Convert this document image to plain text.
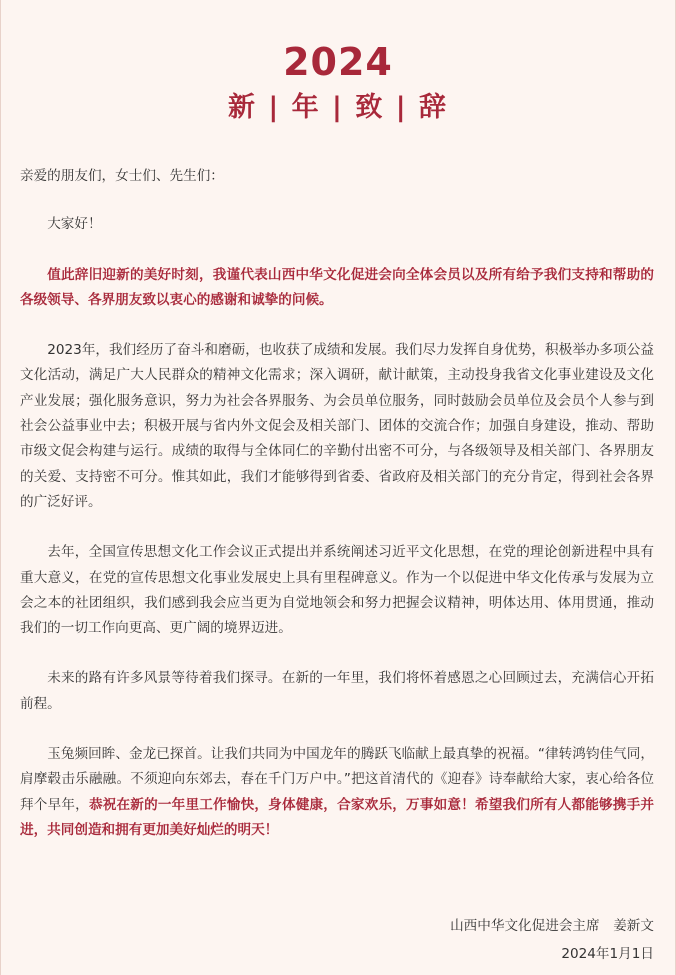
2024
新 | 年 | 致 | 辞

亲爱的朋友们，女士们、先生们：

大家好！

值此辞旧迎新的美好时刻，我谨代表山西中华文化促进会向全体会员以及所有给予我们支持和帮助的各级领导、各界朋友致以衷心的感谢和诚挚的问候。

2023年，我们经历了奋斗和磨砺，也收获了成绩和发展。我们尽力发挥自身优势，积极举办多项公益文化活动，满足广大人民群众的精神文化需求；深入调研，献计献策，主动投身我省文化事业建设及文化产业发展；强化服务意识，努力为社会各界服务、为会员单位服务，同时鼓励会员单位及会员个人参与到社会公益事业中去；积极开展与省内外文促会及相关部门、团体的交流合作；加强自身建设，推动、帮助市级文促会构建与运行。成绩的取得与全体同仁的辛勤付出密不可分，与各级领导及相关部门、各界朋友的关爱、支持密不可分。惟其如此，我们才能够得到省委、省政府及相关部门的充分肯定，得到社会各界的广泛好评。

去年，全国宣传思想文化工作会议正式提出并系统阐述习近平文化思想，在党的理论创新进程中具有重大意义，在党的宣传思想文化事业发展史上具有里程碑意义。作为一个以促进中华文化传承与发展为立会之本的社团组织，我们感到我会应当更为自觉地领会和努力把握会议精神，明体达用、体用贯通，推动我们的一切工作向更高、更广阔的境界迈进。

未来的路有许多风景等待着我们探寻。在新的一年里，我们将怀着感恩之心回顾过去，充满信心开拓前程。

玉兔频回眸、金龙已探首。让我们共同为中国龙年的腾跃飞临献上最真挚的祝福。“律转鸿钧佳气同，肩摩毂击乐融融。不须迎向东郊去，春在千门万户中。”把这首清代的《迎春》诗奉献给大家，衷心给各位拜个早年，恭祝在新的一年里工作愉快，身体健康，合家欢乐，万事如意！希望我们所有人都能够携手并进，共同创造和拥有更加美好灿烂的明天！

山西中华文化促进会主席　姜新文
2024年1月1日
